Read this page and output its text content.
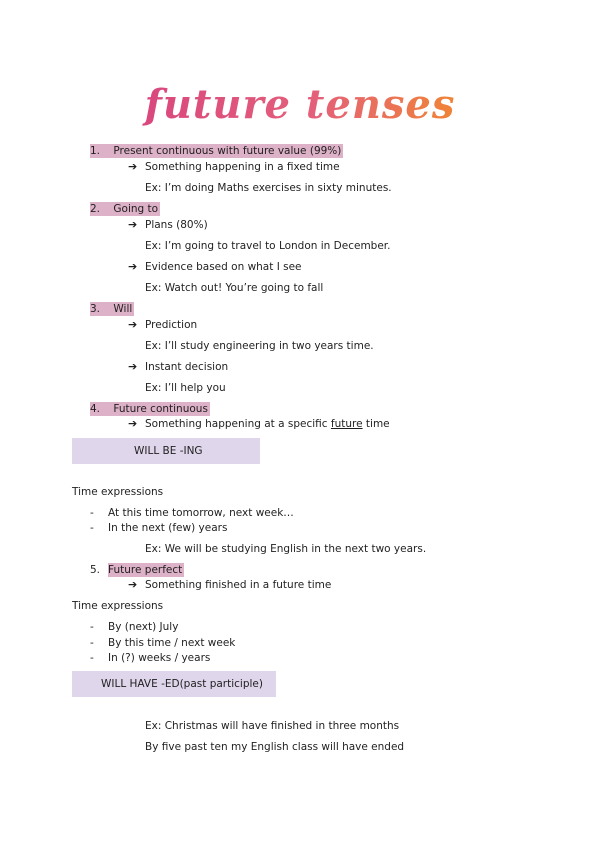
future tenses
1. Present continuous with future value (99%)
➔ Something happening in a fixed time
Ex: I’m doing Maths exercises in sixty minutes.
2. Going to
➔ Plans (80%)
Ex: I’m going to travel to London in December.
➔ Evidence based on what I see
Ex: Watch out! You’re going to fall
3. Will
➔ Prediction
Ex: I’ll study engineering in two years time.
➔ Instant decision
Ex: I’ll help you
4. Future continuous
➔ Something happening at a specific future time
WILL BE -ING
Time expressions
- At this time tomorrow, next week…
- In the next (few) years
Ex: We will be studying English in the next two years.
5. Future perfect
➔ Something finished in a future time
Time expressions
- By (next) July
- By this time / next week
- In (?) weeks / years
WILL HAVE -ED(past participle)
Ex: Christmas will have finished in three months
By five past ten my English class will have ended
